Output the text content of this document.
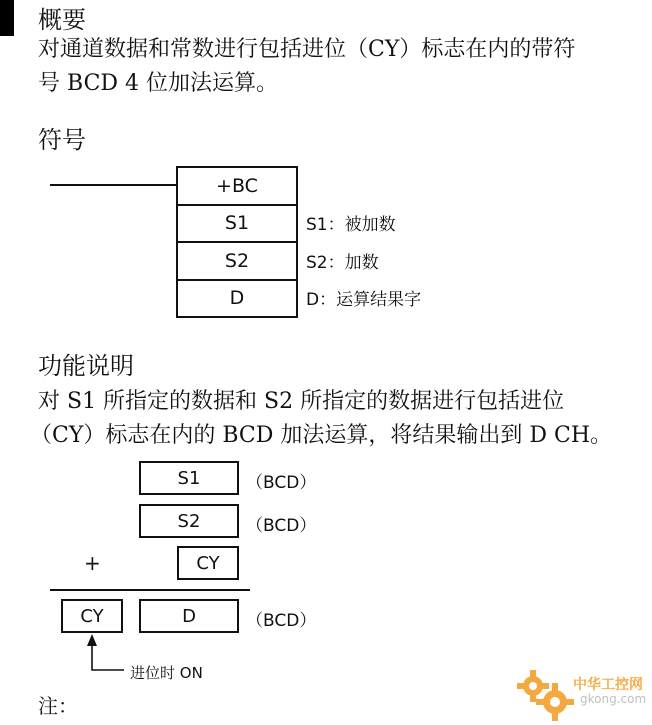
概要
对通道数据和常数进行包括进位（CY）标志在内的带符
号 BCD 4 位加法运算。
符号
+BC
S1
S2
D
S1：被加数
S2：加数
D：运算结果字
功能说明
对 S1 所指定的数据和 S2 所指定的数据进行包括进位
（CY）标志在内的 BCD 加法运算，将结果输出到 D CH。
S1	（BCD）
S2	（BCD）
+	CY
CY	D	（BCD）
进位时 ON
注：
中华工控网
gkong.com
